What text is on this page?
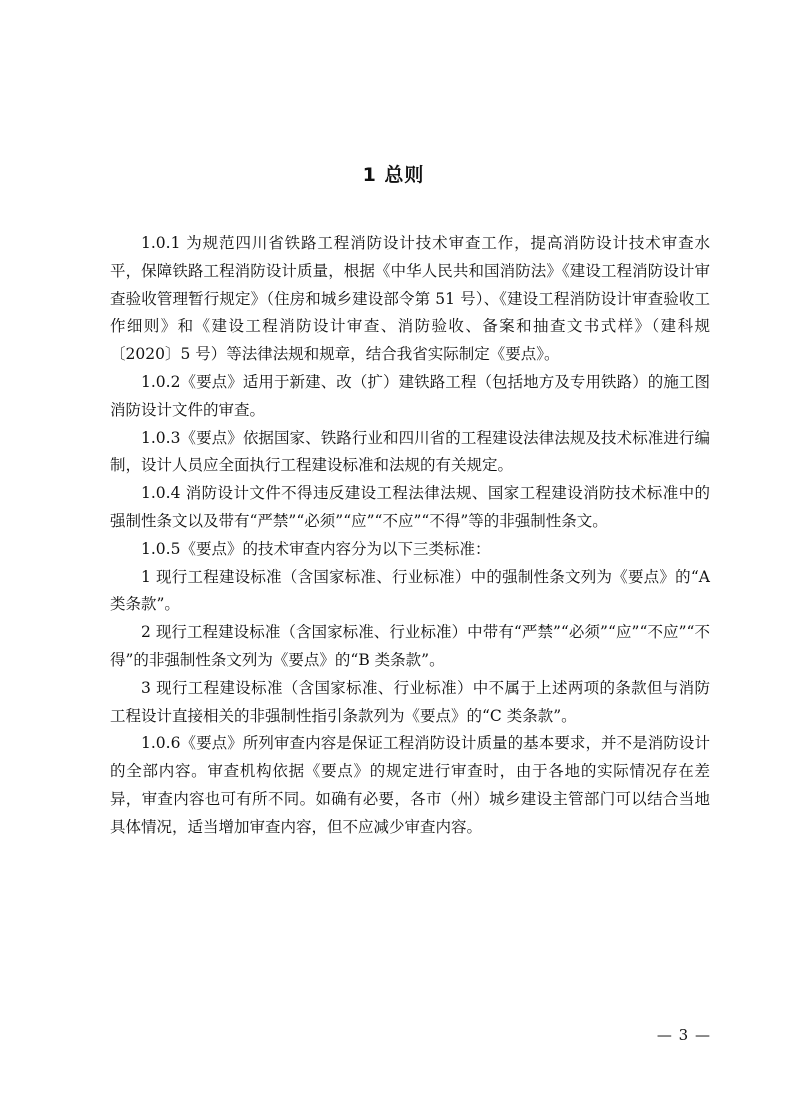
1 总则

1.0.1 为规范四川省铁路工程消防设计技术审查工作，提高消防设计技术审查水平，保障铁路工程消防设计质量，根据《中华人民共和国消防法》《建设工程消防设计审查验收管理暂行规定》（住房和城乡建设部令第 51 号）、《建设工程消防设计审查验收工作细则》和《建设工程消防设计审查、消防验收、备案和抽查文书式样》（建科规〔2020〕5 号）等法律法规和规章，结合我省实际制定《要点》。

1.0.2《要点》适用于新建、改（扩）建铁路工程（包括地方及专用铁路）的施工图消防设计文件的审查。

1.0.3《要点》依据国家、铁路行业和四川省的工程建设法律法规及技术标准进行编制，设计人员应全面执行工程建设标准和法规的有关规定。

1.0.4 消防设计文件不得违反建设工程法律法规、国家工程建设消防技术标准中的强制性条文以及带有“严禁”“必须”“应”“不应”“不得”等的非强制性条文。

1.0.5《要点》的技术审查内容分为以下三类标准：

1 现行工程建设标准（含国家标准、行业标准）中的强制性条文列为《要点》的“A 类条款”。

2 现行工程建设标准（含国家标准、行业标准）中带有“严禁”“必须”“应”“不应”“不得”的非强制性条文列为《要点》的“B 类条款”。

3 现行工程建设标准（含国家标准、行业标准）中不属于上述两项的条款但与消防工程设计直接相关的非强制性指引条款列为《要点》的“C 类条款”。

1.0.6《要点》所列审查内容是保证工程消防设计质量的基本要求，并不是消防设计的全部内容。审查机构依据《要点》的规定进行审查时，由于各地的实际情况存在差异，审查内容也可有所不同。如确有必要，各市（州）城乡建设主管部门可以结合当地具体情况，适当增加审查内容，但不应减少审查内容。

— 3 —
